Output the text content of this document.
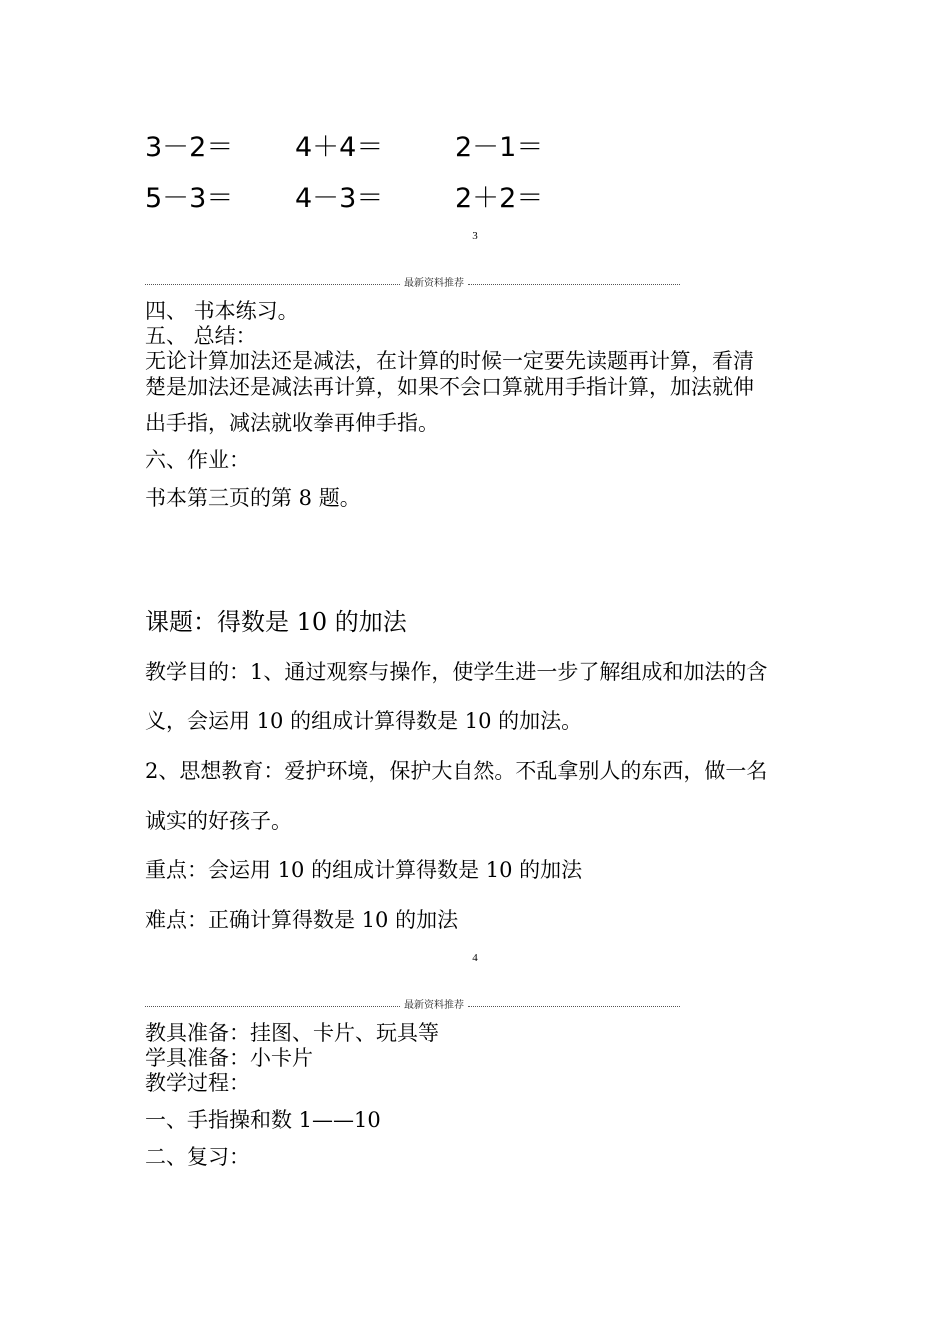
3－2＝ 4＋4＝	2－1＝
5－3＝ 4－3＝	2＋2＝
3
最新资料推荐
四、 书本练习。
五、 总结：
无论计算加法还是减法，在计算的时候一定要先读题再计算，看清
楚是加法还是减法再计算，如果不会口算就用手指计算，加法就伸
出手指，减法就收拳再伸手指。
六、作业：
书本第三页的第 8 题。
课题：得数是 10 的加法
教学目的：1、通过观察与操作，使学生进一步了解组成和加法的含
义，会运用 10 的组成计算得数是 10 的加法。
2、思想教育：爱护环境，保护大自然。不乱拿别人的东西，做一名
诚实的好孩子。
重点：会运用 10 的组成计算得数是 10 的加法
难点：正确计算得数是 10 的加法
4
最新资料推荐
教具准备：挂图、卡片、玩具等
学具准备：小卡片
教学过程：
一、手指操和数 1——10
二、复习：
